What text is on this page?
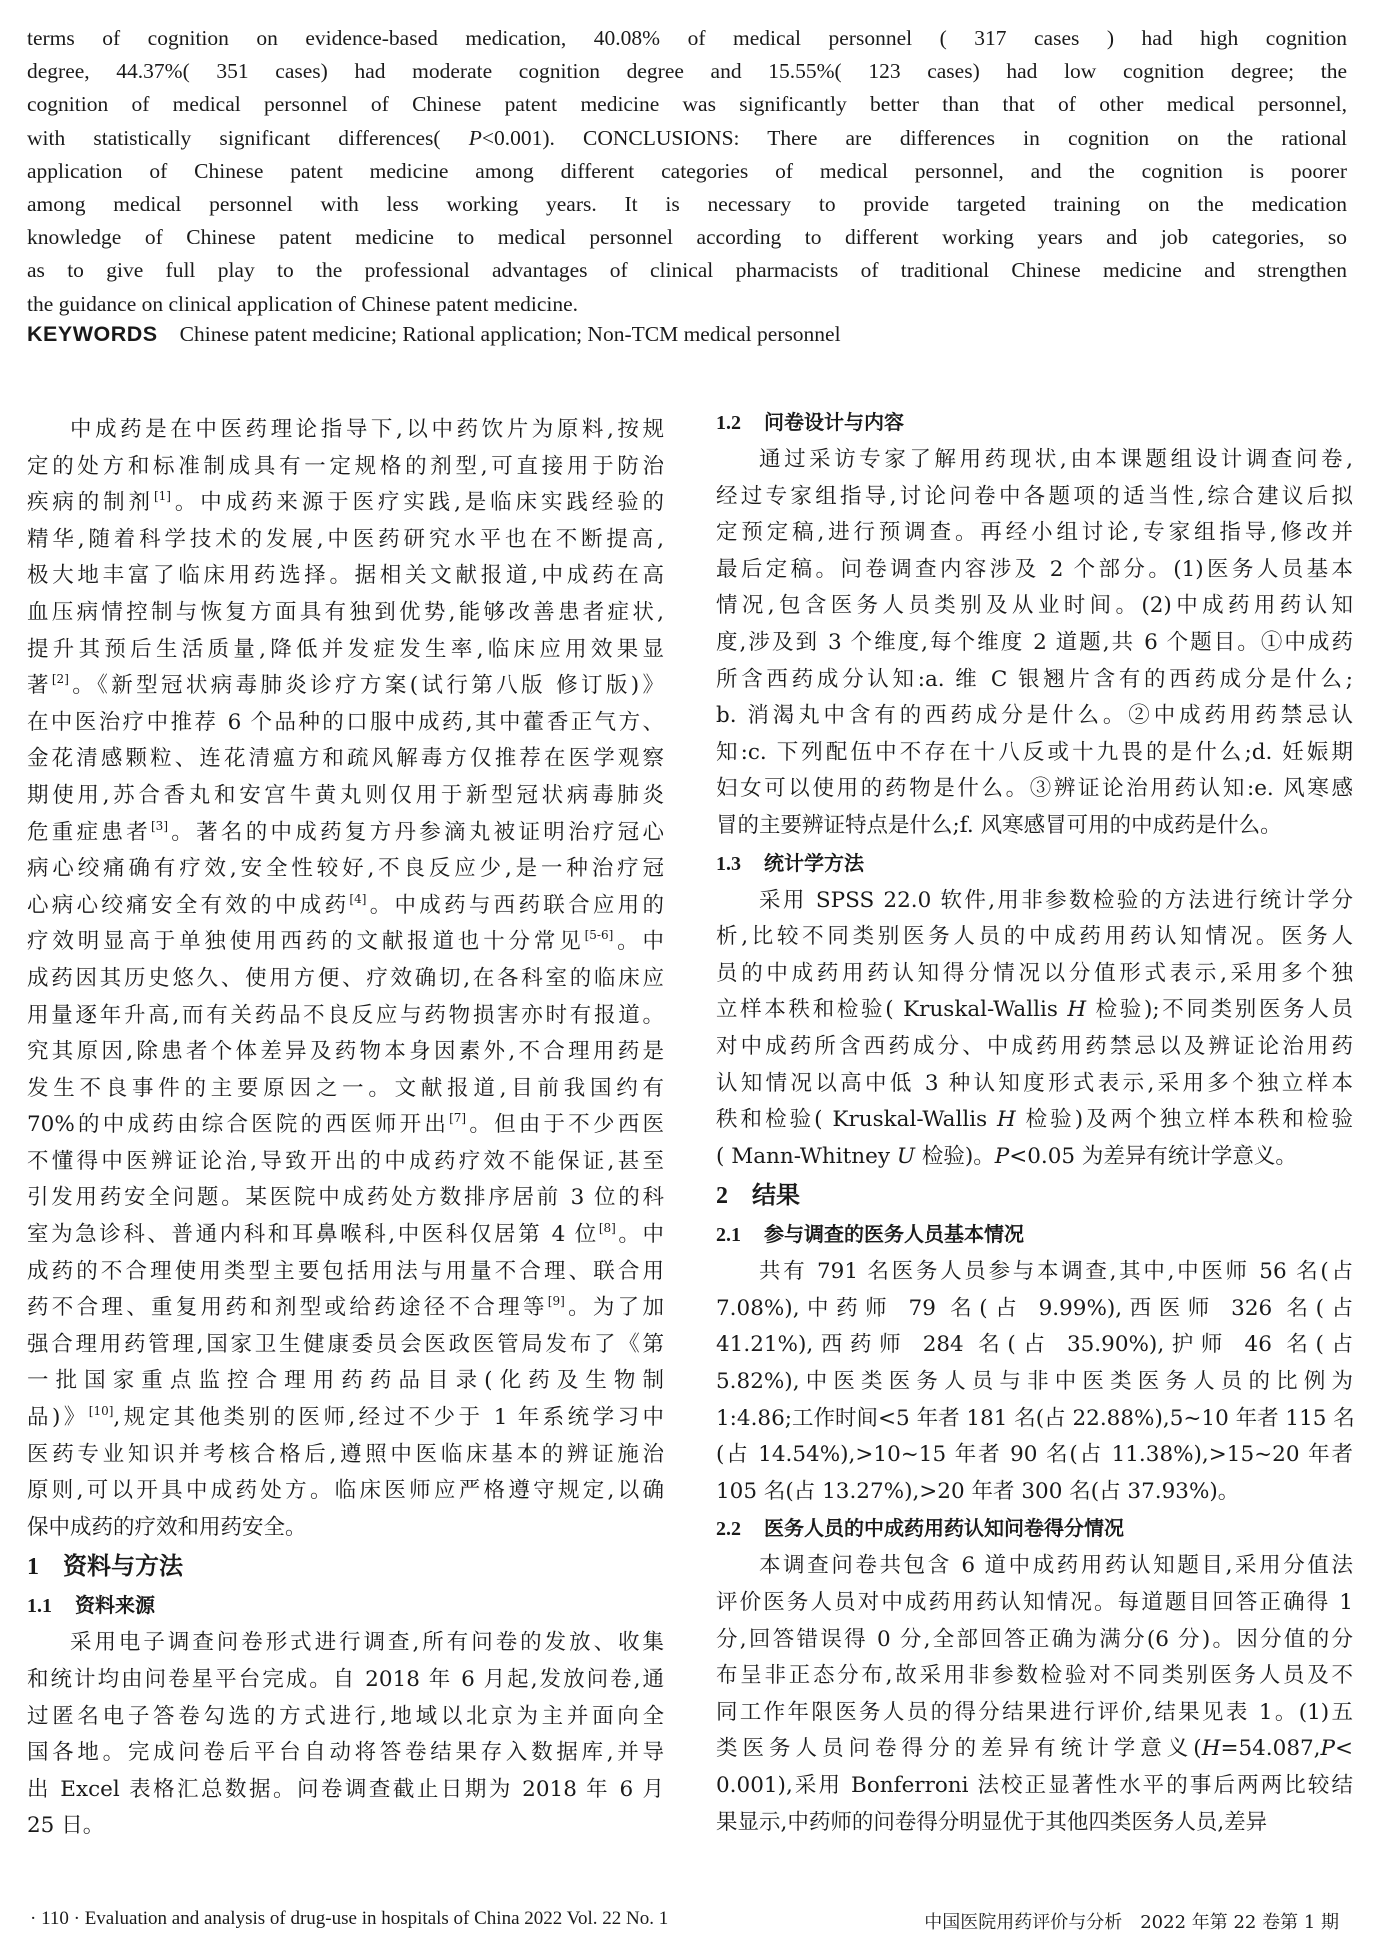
terms of cognition on evidence-based medication, 40.08% of medical personnel ( 317 cases ) had high cognition
degree, 44.37%( 351 cases) had moderate cognition degree and 15.55%( 123 cases) had low cognition degree; the
cognition of medical personnel of Chinese patent medicine was significantly better than that of other medical personnel,
with statistically significant differences( P<0.001). CONCLUSIONS: There are differences in cognition on the rational
application of Chinese patent medicine among different categories of medical personnel, and the cognition is poorer
among medical personnel with less working years. It is necessary to provide targeted training on the medication
knowledge of Chinese patent medicine to medical personnel according to different working years and job categories, so
as to give full play to the professional advantages of clinical pharmacists of traditional Chinese medicine and strengthen
the guidance on clinical application of Chinese patent medicine.
KEYWORDS Chinese patent medicine; Rational application; Non-TCM medical personnel
中成药是在中医药理论指导下,以中药饮片为原料,按规
定的处方和标准制成具有一定规格的剂型,可直接用于防治
疾病的制剂[1]。中成药来源于医疗实践,是临床实践经验的
精华,随着科学技术的发展,中医药研究水平也在不断提高,
极大地丰富了临床用药选择。据相关文献报道,中成药在高
血压病情控制与恢复方面具有独到优势,能够改善患者症状,
提升其预后生活质量,降低并发症发生率,临床应用效果显
著[2]。《新型冠状病毒肺炎诊疗方案(试行第八版 修订版)》
在中医治疗中推荐 6 个品种的口服中成药,其中藿香正气方、
金花清感颗粒、连花清瘟方和疏风解毒方仅推荐在医学观察
期使用,苏合香丸和安宫牛黄丸则仅用于新型冠状病毒肺炎
危重症患者[3]。著名的中成药复方丹参滴丸被证明治疗冠心
病心绞痛确有疗效,安全性较好,不良反应少,是一种治疗冠
心病心绞痛安全有效的中成药[4]。中成药与西药联合应用的
疗效明显高于单独使用西药的文献报道也十分常见[5-6]。中
成药因其历史悠久、使用方便、疗效确切,在各科室的临床应
用量逐年升高,而有关药品不良反应与药物损害亦时有报道。
究其原因,除患者个体差异及药物本身因素外,不合理用药是
发生不良事件的主要原因之一。文献报道,目前我国约有
70%的中成药由综合医院的西医师开出[7]。但由于不少西医
不懂得中医辨证论治,导致开出的中成药疗效不能保证,甚至
引发用药安全问题。某医院中成药处方数排序居前 3 位的科
室为急诊科、普通内科和耳鼻喉科,中医科仅居第 4 位[8]。中
成药的不合理使用类型主要包括用法与用量不合理、联合用
药不合理、重复用药和剂型或给药途径不合理等[9]。为了加
强合理用药管理,国家卫生健康委员会医政医管局发布了《第
一批国家重点监控合理用药药品目录(化药及生物制
品)》[10],规定其他类别的医师,经过不少于 1 年系统学习中
医药专业知识并考核合格后,遵照中医临床基本的辨证施治
原则,可以开具中成药处方。临床医师应严格遵守规定,以确
保中成药的疗效和用药安全。
1 资料与方法
1.1 资料来源
采用电子调查问卷形式进行调查,所有问卷的发放、收集
和统计均由问卷星平台完成。自 2018 年 6 月起,发放问卷,通
过匿名电子答卷勾选的方式进行,地域以北京为主并面向全
国各地。完成问卷后平台自动将答卷结果存入数据库,并导
出 Excel 表格汇总数据。问卷调查截止日期为 2018 年 6 月
25 日。
1.2 问卷设计与内容
通过采访专家了解用药现状,由本课题组设计调查问卷,
经过专家组指导,讨论问卷中各题项的适当性,综合建议后拟
定预定稿,进行预调查。再经小组讨论,专家组指导,修改并
最后定稿。问卷调查内容涉及 2 个部分。(1)医务人员基本
情况,包含医务人员类别及从业时间。(2)中成药用药认知
度,涉及到 3 个维度,每个维度 2 道题,共 6 个题目。①中成药
所含西药成分认知:a. 维 C 银翘片含有的西药成分是什么;
b. 消渴丸中含有的西药成分是什么。②中成药用药禁忌认
知:c. 下列配伍中不存在十八反或十九畏的是什么;d. 妊娠期
妇女可以使用的药物是什么。③辨证论治用药认知:e. 风寒感
冒的主要辨证特点是什么;f. 风寒感冒可用的中成药是什么。
1.3 统计学方法
采用 SPSS 22.0 软件,用非参数检验的方法进行统计学分
析,比较不同类别医务人员的中成药用药认知情况。医务人
员的中成药用药认知得分情况以分值形式表示,采用多个独
立样本秩和检验( Kruskal-Wallis H 检验);不同类别医务人员
对中成药所含西药成分、中成药用药禁忌以及辨证论治用药
认知情况以高中低 3 种认知度形式表示,采用多个独立样本
秩和检验( Kruskal-Wallis H 检验)及两个独立样本秩和检验
( Mann-Whitney U 检验)。P<0.05 为差异有统计学意义。
2 结果
2.1 参与调查的医务人员基本情况
共有 791 名医务人员参与本调查,其中,中医师 56 名(占
7.08%),中药师 79 名(占 9.99%),西医师 326 名(占
41.21%),西药师 284 名(占 35.90%),护师 46 名(占
5.82%),中医类医务人员与非中医类医务人员的比例为
1:4.86;工作时间<5 年者 181 名(占 22.88%),5~10 年者 115 名
(占 14.54%),>10~15 年者 90 名(占 11.38%),>15~20 年者
105 名(占 13.27%),>20 年者 300 名(占 37.93%)。
2.2 医务人员的中成药用药认知问卷得分情况
本调查问卷共包含 6 道中成药用药认知题目,采用分值法
评价医务人员对中成药用药认知情况。每道题目回答正确得 1
分,回答错误得 0 分,全部回答正确为满分(6 分)。因分值的分
布呈非正态分布,故采用非参数检验对不同类别医务人员及不
同工作年限医务人员的得分结果进行评价,结果见表 1。(1)五
类医务人员问卷得分的差异有统计学意义(H=54.087,P<
0.001),采用 Bonferroni 法校正显著性水平的事后两两比较结
果显示,中药师的问卷得分明显优于其他四类医务人员,差异
· 110 · Evaluation and analysis of drug-use in hospitals of China 2022 Vol. 22 No. 1	中国医院用药评价与分析 2022 年第 22 卷第 1 期
